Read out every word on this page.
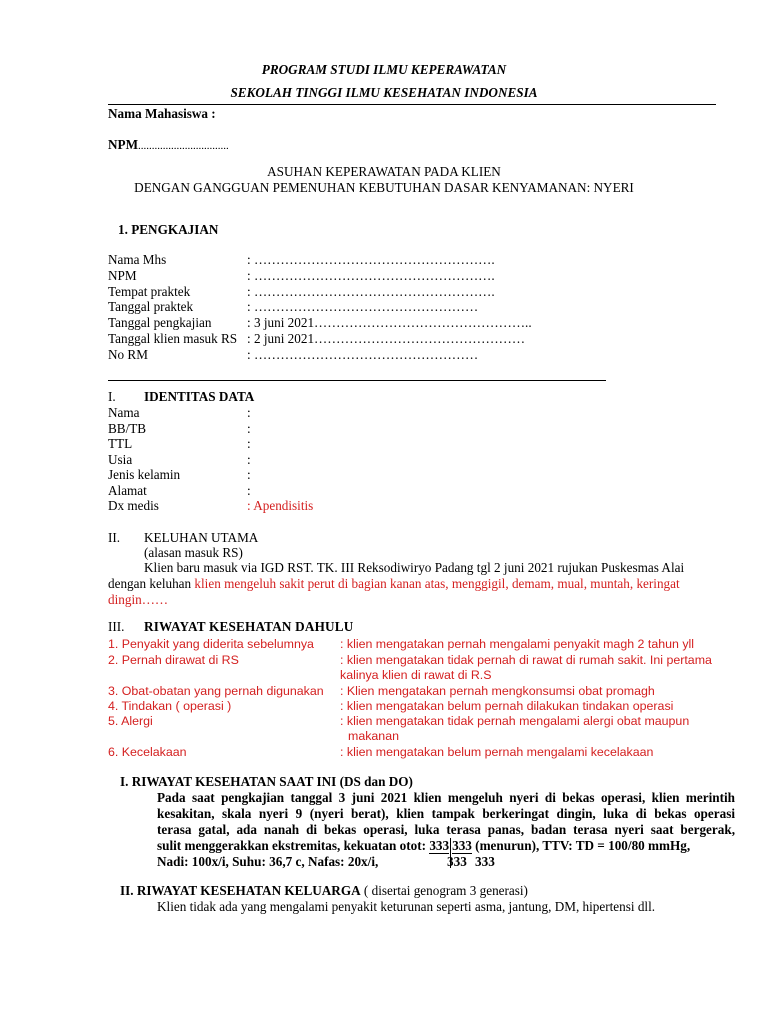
PROGRAM STUDI ILMU KEPERAWATAN
SEKOLAH TINGGI ILMU KESEHATAN INDONESIA
Nama Mahasiswa :
NPM.................................
ASUHAN KEPERAWATAN PADA KLIEN
DENGAN GANGGUAN PEMENUHAN KEBUTUHAN DASAR KENYAMANAN: NYERI
1. PENGKAJIAN
Nama Mhs	: ……………………………………………….
NPM	: ……………………………………………….
Tempat praktek	: ……………………………………………….
Tanggal praktek	: ……………………………………………
Tanggal pengkajian	: 3 juni 2021…………………………………………..
Tanggal klien masuk RS : 2 juni 2021…………………………………………
No RM	: ……………………………………………
I. IDENTITAS DATA
Nama	:
BB/TB	:
TTL	:
Usia	:
Jenis kelamin	:
Alamat	:
Dx medis	: Apendisitis
II. KELUHAN UTAMA
(alasan masuk RS)
Klien baru masuk via IGD RST. TK. III Reksodiwiryo Padang tgl 2 juni 2021 rujukan Puskesmas Alai
dengan keluhan klien mengeluh sakit perut di bagian kanan atas, menggigil, demam, mual, muntah, keringat
dingin……
III. RIWAYAT KESEHATAN DAHULU
1. Penyakit yang diderita sebelumnya : klien mengatakan pernah mengalami penyakit magh 2 tahun yll
2. Pernah dirawat di RS	: klien mengatakan tidak pernah di rawat di rumah sakit. Ini pertama
kalinya klien di rawat di R.S
3. Obat-obatan yang pernah digunakan : Klien mengatakan pernah mengkonsumsi obat promagh
4. Tindakan ( operasi )	: klien mengatakan belum pernah dilakukan tindakan operasi
5. Alergi	: klien mengatakan tidak pernah mengalami alergi obat maupun
makanan
6. Kecelakaan	: klien mengatakan belum pernah mengalami kecelakaan
I. RIWAYAT KESEHATAN SAAT INI (DS dan DO)
Pada saat pengkajian tanggal 3 juni 2021 klien mengeluh nyeri di bekas operasi, klien merintih
kesakitan, skala nyeri 9 (nyeri berat), klien tampak berkeringat dingin, luka di bekas operasi
terasa gatal, ada nanah di bekas operasi, luka terasa panas, badan terasa nyeri saat bergerak,
sulit menggerakkan ekstremitas, kekuatan otot: 333 333 (menurun), TTV: TD = 100/80 mmHg,
Nadi: 100x/i, Suhu: 36,7 c, Nafas: 20x/i,	333 333
II. RIWAYAT KESEHATAN KELUARGA ( disertai genogram 3 generasi)
Klien tidak ada yang mengalami penyakit keturunan seperti asma, jantung, DM, hipertensi dll.
